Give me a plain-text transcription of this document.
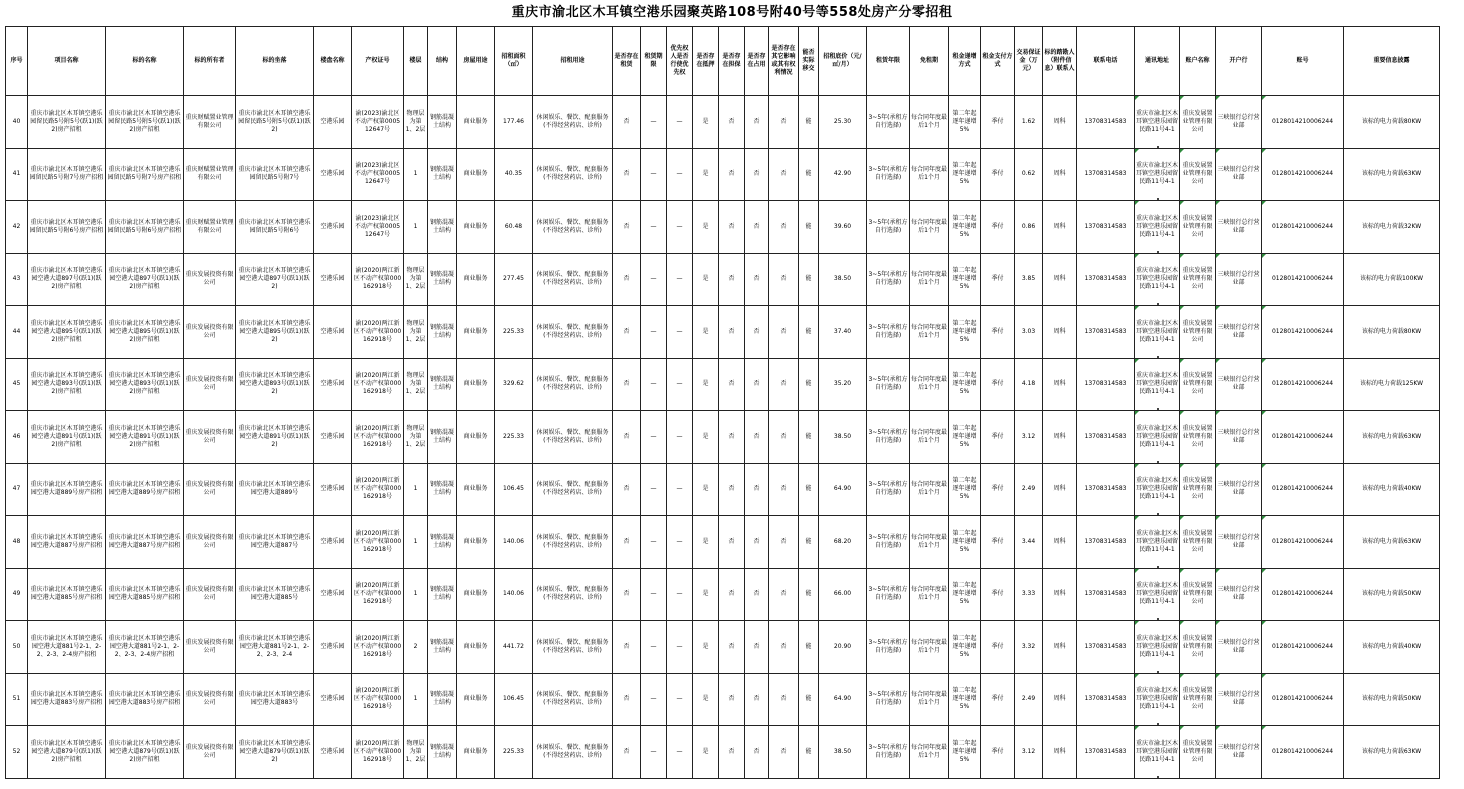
重庆市渝北区木耳镇空港乐园聚英路108号附40号等558处房产分零招租
序号	项目名称	标的名称	标的所有者	标的坐落	楼盘名称	产权证号	楼层	结构	房屋用途	招租面积（㎡）	招租用途	是否存在租赁	租赁期限	优先权人是否行使优先权	是否存在抵押	是否存在担保	是否存在占用	是否存在其它影响或其有权利情况	能否实际移交	招租底价（元/㎡/月）	租赁年限	免租期	租金递增方式	租金支付方式	交易保证金（万元）	标的踏勘人（附件信息）联系人	联系电话	通讯地址	账户名称	开户行	账号	重要信息披露

40	重庆市渝北区木耳镇空港乐园留民路5号附5号(跃1)(跃2)房产招租	重庆市渝北区木耳镇空港乐园留民路5号附5号(跃1)(跃2)房产招租	重庆财赋置业管理有限公司	重庆市渝北区木耳镇空港乐园留民路5号附5号(跃1)(跃2)	空港乐园	渝(2023)渝北区不动产权第000512647号	物理层为第1、2层	钢筋混凝土结构	商业服务	177.46	休闲娱乐、餐饮、配套服务(不得经营药店、诊所)	否	—	—	是	否	否	否	能	25.30	3~5年(承租方自行选择)	每合同年度最后1个月	第二年起逐年递增5%	季付	1.62	周科	13708314583	重庆市渝北区木耳镇空港乐园留民路11号4-1	重庆发展置业管理有限公司	三峡银行总行营业部	0128014210006244	该标的电力荷载80KW
41	重庆市渝北区木耳镇空港乐园留民路5号附7号房产招租	重庆市渝北区木耳镇空港乐园留民路5号附7号房产招租	重庆财赋置业管理有限公司	重庆市渝北区木耳镇空港乐园留民路5号附7号	空港乐园	渝(2023)渝北区不动产权第000512647号	1	钢筋混凝土结构	商业服务	40.35	休闲娱乐、餐饮、配套服务(不得经营药店、诊所)	否	—	—	是	否	否	否	能	42.90	3~5年(承租方自行选择)	每合同年度最后1个月	第二年起逐年递增5%	季付	0.62	周科	13708314583	重庆市渝北区木耳镇空港乐园留民路11号4-1	重庆发展置业管理有限公司	三峡银行总行营业部	0128014210006244	该标的电力荷载63KW
42	重庆市渝北区木耳镇空港乐园留民路5号附6号房产招租	重庆市渝北区木耳镇空港乐园留民路5号附6号房产招租	重庆财赋置业管理有限公司	重庆市渝北区木耳镇空港乐园留民路5号附6号	空港乐园	渝(2023)渝北区不动产权第000512647号	1	钢筋混凝土结构	商业服务	60.48	休闲娱乐、餐饮、配套服务(不得经营药店、诊所)	否	—	—	是	否	否	否	能	39.60	3~5年(承租方自行选择)	每合同年度最后1个月	第二年起逐年递增5%	季付	0.86	周科	13708314583	重庆市渝北区木耳镇空港乐园留民路11号4-1	重庆发展置业管理有限公司	三峡银行总行营业部	0128014210006244	该标的电力荷载32KW
43	重庆市渝北区木耳镇空港乐园空港大道897号(跃1)(跃2)房产招租	重庆市渝北区木耳镇空港乐园空港大道897号(跃1)(跃2)房产招租	重庆发展投资有限公司	重庆市渝北区木耳镇空港乐园空港大道897号(跃1)(跃2)	空港乐园	渝(2020)两江新区不动产权第000162918号	物理层为第1、2层	钢筋混凝土结构	商业服务	277.45	休闲娱乐、餐饮、配套服务(不得经营药店、诊所)	否	—	—	是	否	否	否	能	38.50	3~5年(承租方自行选择)	每合同年度最后1个月	第二年起逐年递增5%	季付	3.85	周科	13708314583	重庆市渝北区木耳镇空港乐园留民路11号4-1	重庆发展置业管理有限公司	三峡银行总行营业部	0128014210006244	该标的电力荷载100KW
44	重庆市渝北区木耳镇空港乐园空港大道895号(跃1)(跃2)房产招租	重庆市渝北区木耳镇空港乐园空港大道895号(跃1)(跃2)房产招租	重庆发展投资有限公司	重庆市渝北区木耳镇空港乐园空港大道895号(跃1)(跃2)	空港乐园	渝(2020)两江新区不动产权第000162918号	物理层为第1、2层	钢筋混凝土结构	商业服务	225.33	休闲娱乐、餐饮、配套服务(不得经营药店、诊所)	否	—	—	是	否	否	否	能	37.40	3~5年(承租方自行选择)	每合同年度最后1个月	第二年起逐年递增5%	季付	3.03	周科	13708314583	重庆市渝北区木耳镇空港乐园留民路11号4-1	重庆发展置业管理有限公司	三峡银行总行营业部	0128014210006244	该标的电力荷载80KW
45	重庆市渝北区木耳镇空港乐园空港大道893号(跃1)(跃2)房产招租	重庆市渝北区木耳镇空港乐园空港大道893号(跃1)(跃2)房产招租	重庆发展投资有限公司	重庆市渝北区木耳镇空港乐园空港大道893号(跃1)(跃2)	空港乐园	渝(2020)两江新区不动产权第000162918号	物理层为第1、2层	钢筋混凝土结构	商业服务	329.62	休闲娱乐、餐饮、配套服务(不得经营药店、诊所)	否	—	—	是	否	否	否	能	35.20	3~5年(承租方自行选择)	每合同年度最后1个月	第二年起逐年递增5%	季付	4.18	周科	13708314583	重庆市渝北区木耳镇空港乐园留民路11号4-1	重庆发展置业管理有限公司	三峡银行总行营业部	0128014210006244	该标的电力荷载125KW
46	重庆市渝北区木耳镇空港乐园空港大道891号(跃1)(跃2)房产招租	重庆市渝北区木耳镇空港乐园空港大道891号(跃1)(跃2)房产招租	重庆发展投资有限公司	重庆市渝北区木耳镇空港乐园空港大道891号(跃1)(跃2)	空港乐园	渝(2020)两江新区不动产权第000162918号	物理层为第1、2层	钢筋混凝土结构	商业服务	225.33	休闲娱乐、餐饮、配套服务(不得经营药店、诊所)	否	—	—	是	否	否	否	能	38.50	3~5年(承租方自行选择)	每合同年度最后1个月	第二年起逐年递增5%	季付	3.12	周科	13708314583	重庆市渝北区木耳镇空港乐园留民路11号4-1	重庆发展置业管理有限公司	三峡银行总行营业部	0128014210006244	该标的电力荷载63KW
47	重庆市渝北区木耳镇空港乐园空港大道889号房产招租	重庆市渝北区木耳镇空港乐园空港大道889号房产招租	重庆发展投资有限公司	重庆市渝北区木耳镇空港乐园空港大道889号	空港乐园	渝(2020)两江新区不动产权第000162918号	1	钢筋混凝土结构	商业服务	106.45	休闲娱乐、餐饮、配套服务(不得经营药店、诊所)	否	—	—	是	否	否	否	能	64.90	3~5年(承租方自行选择)	每合同年度最后1个月	第二年起逐年递增5%	季付	2.49	周科	13708314583	重庆市渝北区木耳镇空港乐园留民路11号4-1	重庆发展置业管理有限公司	三峡银行总行营业部	0128014210006244	该标的电力荷载40KW
48	重庆市渝北区木耳镇空港乐园空港大道887号房产招租	重庆市渝北区木耳镇空港乐园空港大道887号房产招租	重庆发展投资有限公司	重庆市渝北区木耳镇空港乐园空港大道887号	空港乐园	渝(2020)两江新区不动产权第000162918号	1	钢筋混凝土结构	商业服务	140.06	休闲娱乐、餐饮、配套服务(不得经营药店、诊所)	否	—	—	是	否	否	否	能	68.20	3~5年(承租方自行选择)	每合同年度最后1个月	第二年起逐年递增5%	季付	3.44	周科	13708314583	重庆市渝北区木耳镇空港乐园留民路11号4-1	重庆发展置业管理有限公司	三峡银行总行营业部	0128014210006244	该标的电力荷载63KW
49	重庆市渝北区木耳镇空港乐园空港大道885号房产招租	重庆市渝北区木耳镇空港乐园空港大道885号房产招租	重庆发展投资有限公司	重庆市渝北区木耳镇空港乐园空港大道885号	空港乐园	渝(2020)两江新区不动产权第000162918号	1	钢筋混凝土结构	商业服务	140.06	休闲娱乐、餐饮、配套服务(不得经营药店、诊所)	否	—	—	是	否	否	否	能	66.00	3~5年(承租方自行选择)	每合同年度最后1个月	第二年起逐年递增5%	季付	3.33	周科	13708314583	重庆市渝北区木耳镇空港乐园留民路11号4-1	重庆发展置业管理有限公司	三峡银行总行营业部	0128014210006244	该标的电力荷载50KW
50	重庆市渝北区木耳镇空港乐园空港大道881号2-1、2-2、2-3、2-4房产招租	重庆市渝北区木耳镇空港乐园空港大道881号2-1、2-2、2-3、2-4房产招租	重庆发展投资有限公司	重庆市渝北区木耳镇空港乐园空港大道881号2-1、2-2、2-3、2-4	空港乐园	渝(2020)两江新区不动产权第000162918号	2	钢筋混凝土结构	商业服务	441.72	休闲娱乐、餐饮、配套服务(不得经营药店、诊所)	否	—	—	是	否	否	否	能	20.90	3~5年(承租方自行选择)	每合同年度最后1个月	第二年起逐年递增5%	季付	3.32	周科	13708314583	重庆市渝北区木耳镇空港乐园留民路11号4-1	重庆发展置业管理有限公司	三峡银行总行营业部	0128014210006244	该标的电力荷载40KW
51	重庆市渝北区木耳镇空港乐园空港大道883号房产招租	重庆市渝北区木耳镇空港乐园空港大道883号房产招租	重庆发展投资有限公司	重庆市渝北区木耳镇空港乐园空港大道883号	空港乐园	渝(2020)两江新区不动产权第000162918号	1	钢筋混凝土结构	商业服务	106.45	休闲娱乐、餐饮、配套服务(不得经营药店、诊所)	否	—	—	是	否	否	否	能	64.90	3~5年(承租方自行选择)	每合同年度最后1个月	第二年起逐年递增5%	季付	2.49	周科	13708314583	重庆市渝北区木耳镇空港乐园留民路11号4-1	重庆发展置业管理有限公司	三峡银行总行营业部	0128014210006244	该标的电力荷载50KW
52	重庆市渝北区木耳镇空港乐园空港大道879号(跃1)(跃2)房产招租	重庆市渝北区木耳镇空港乐园空港大道879号(跃1)(跃2)房产招租	重庆发展投资有限公司	重庆市渝北区木耳镇空港乐园空港大道879号(跃1)(跃2)	空港乐园	渝(2020)两江新区不动产权第000162918号	物理层为第1、2层	钢筋混凝土结构	商业服务	225.33	休闲娱乐、餐饮、配套服务(不得经营药店、诊所)	否	—	—	是	否	否	否	能	38.50	3~5年(承租方自行选择)	每合同年度最后1个月	第二年起逐年递增5%	季付	3.12	周科	13708314583	重庆市渝北区木耳镇空港乐园留民路11号4-1	重庆发展置业管理有限公司	三峡银行总行营业部	0128014210006244	该标的电力荷载63KW
